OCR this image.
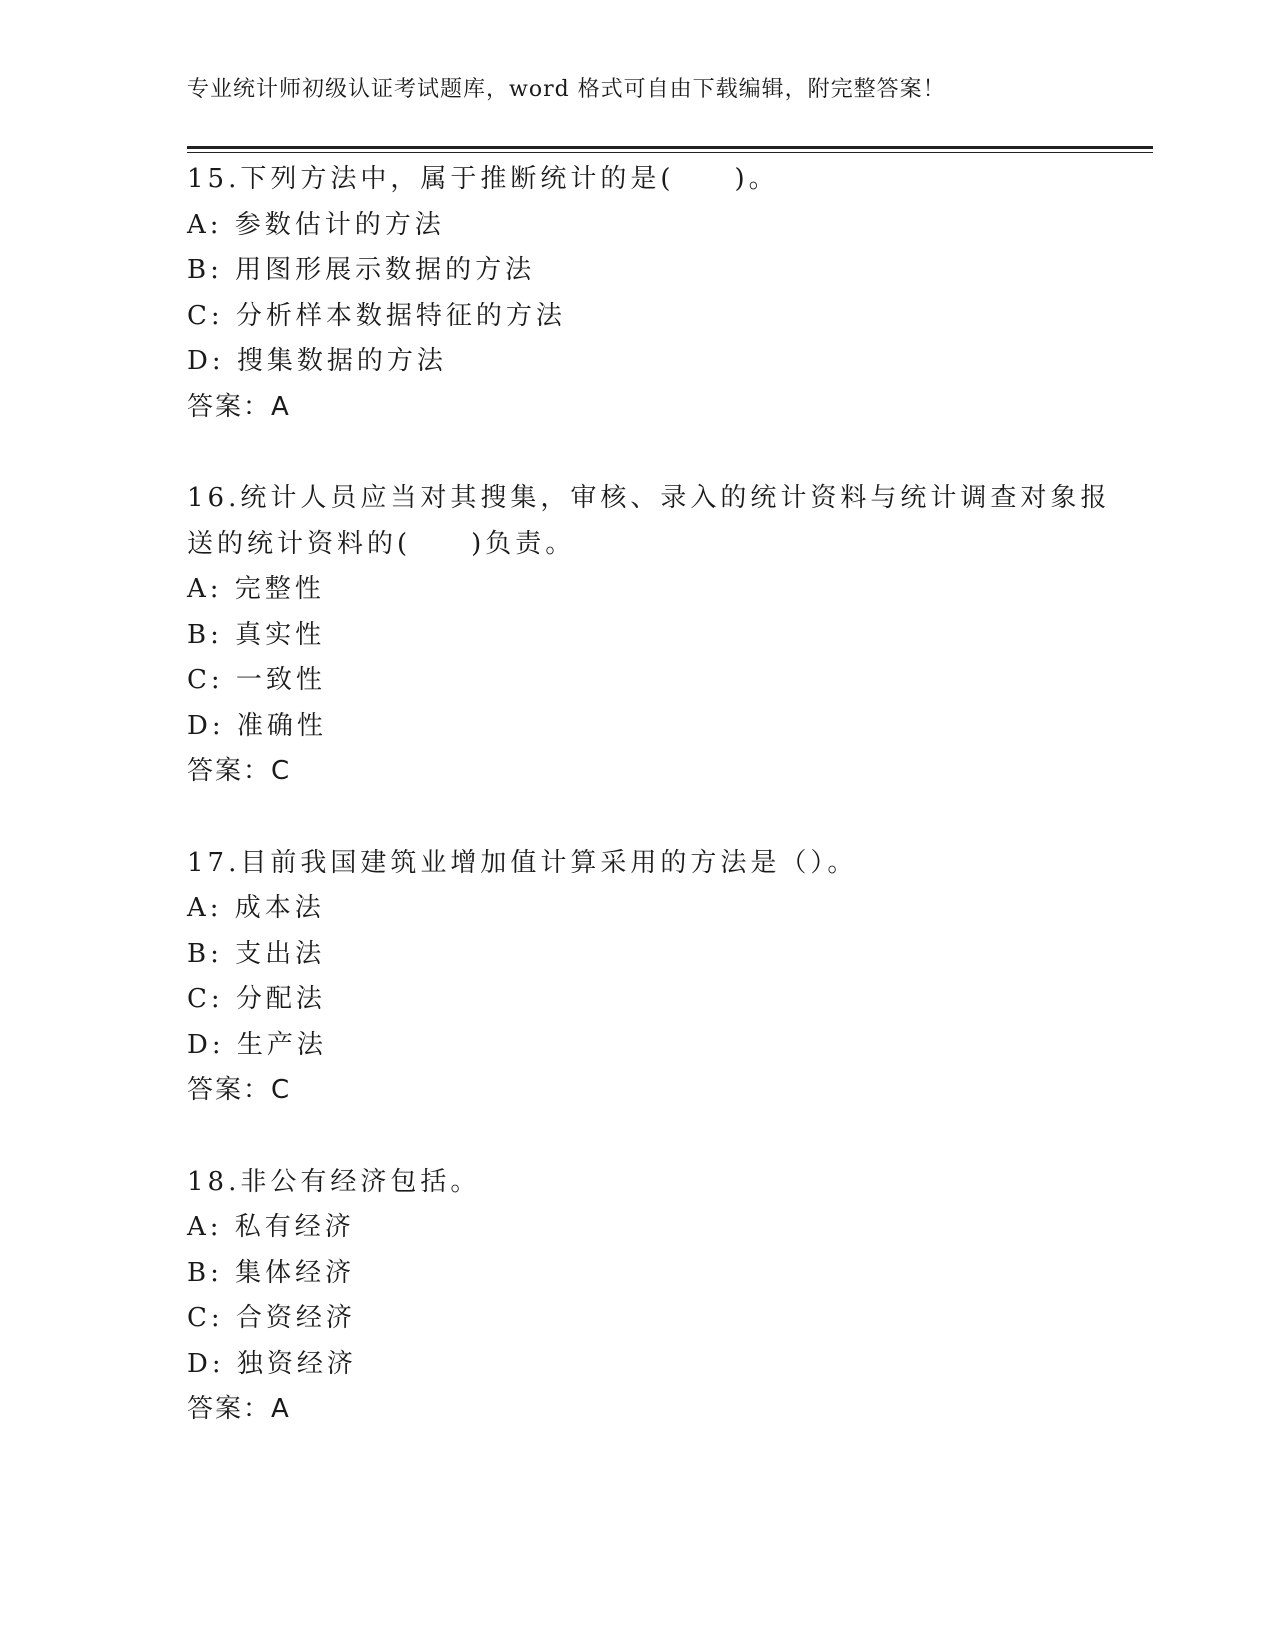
专业统计师初级认证考试题库，word 格式可自由下载编辑，附完整答案！
15.下列方法中，属于推断统计的是(　　)。
A: 参数估计的方法
B: 用图形展示数据的方法
C: 分析样本数据特征的方法
D: 搜集数据的方法
答案：A
16.统计人员应当对其搜集，审核、录入的统计资料与统计调查对象报
送的统计资料的(　　)负责。
A: 完整性
B: 真实性
C: 一致性
D: 准确性
答案：C
17.目前我国建筑业增加值计算采用的方法是（）。
A: 成本法
B: 支出法
C: 分配法
D: 生产法
答案：C
18.非公有经济包括。
A: 私有经济
B: 集体经济
C: 合资经济
D: 独资经济
答案：A
